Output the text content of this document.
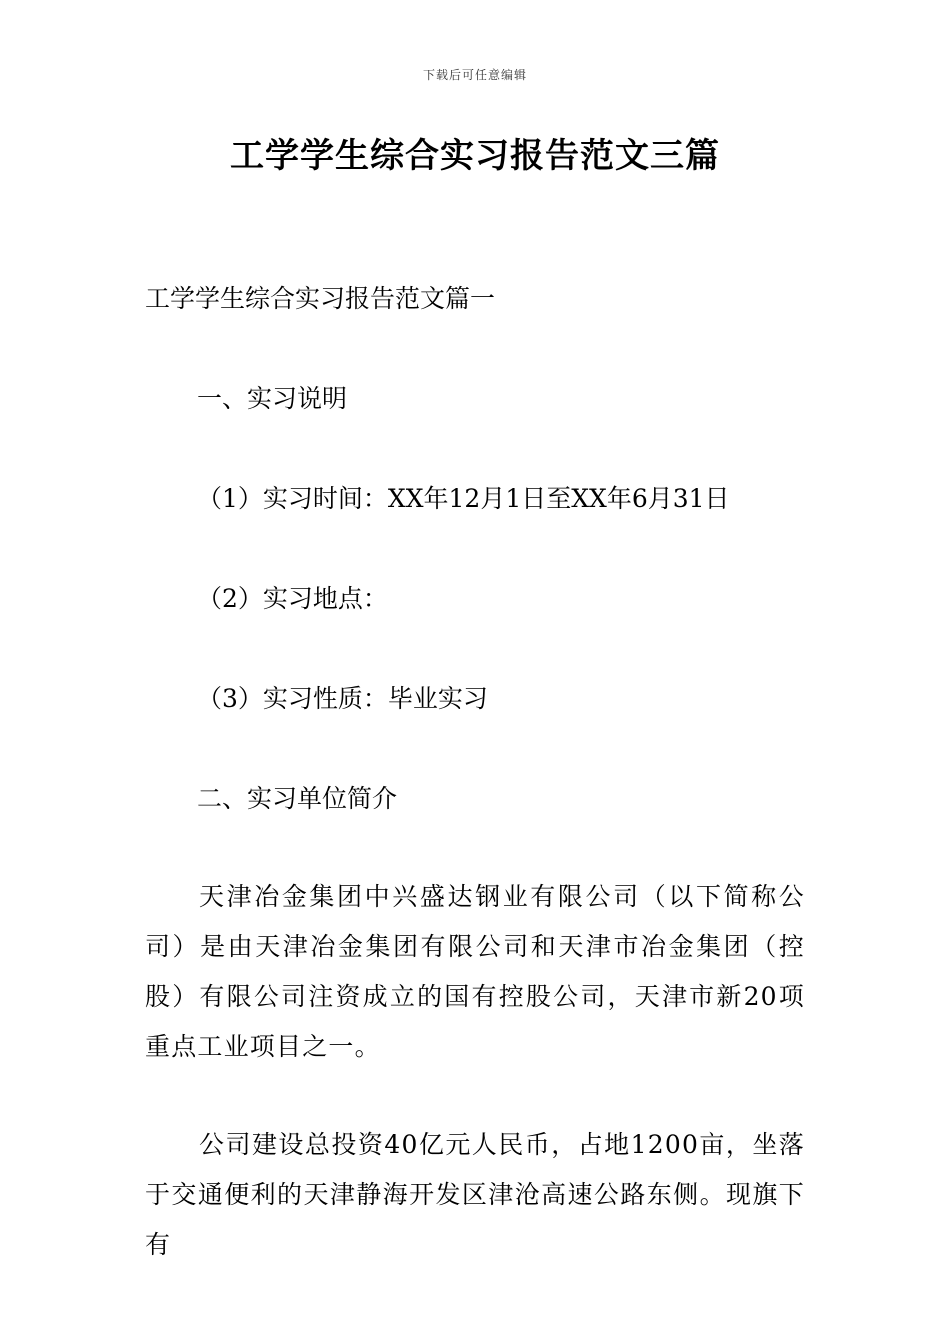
下载后可任意编辑
工学学生综合实习报告范文三篇
工学学生综合实习报告范文篇一
一、实习说明
（1）实习时间：XX年12月1日至XX年6月31日
（2）实习地点：
（3）实习性质：毕业实习
二、实习单位简介
天津冶金集团中兴盛达钢业有限公司（以下简称公司）是由天津冶金集团有限公司和天津市冶金集团（控股）有限公司注资成立的国有控股公司，天津市新20项重点工业项目之一。
公司建设总投资40亿元人民币，占地1200亩，坐落于交通便利的天津静海开发区津沧高速公路东侧。现旗下有
